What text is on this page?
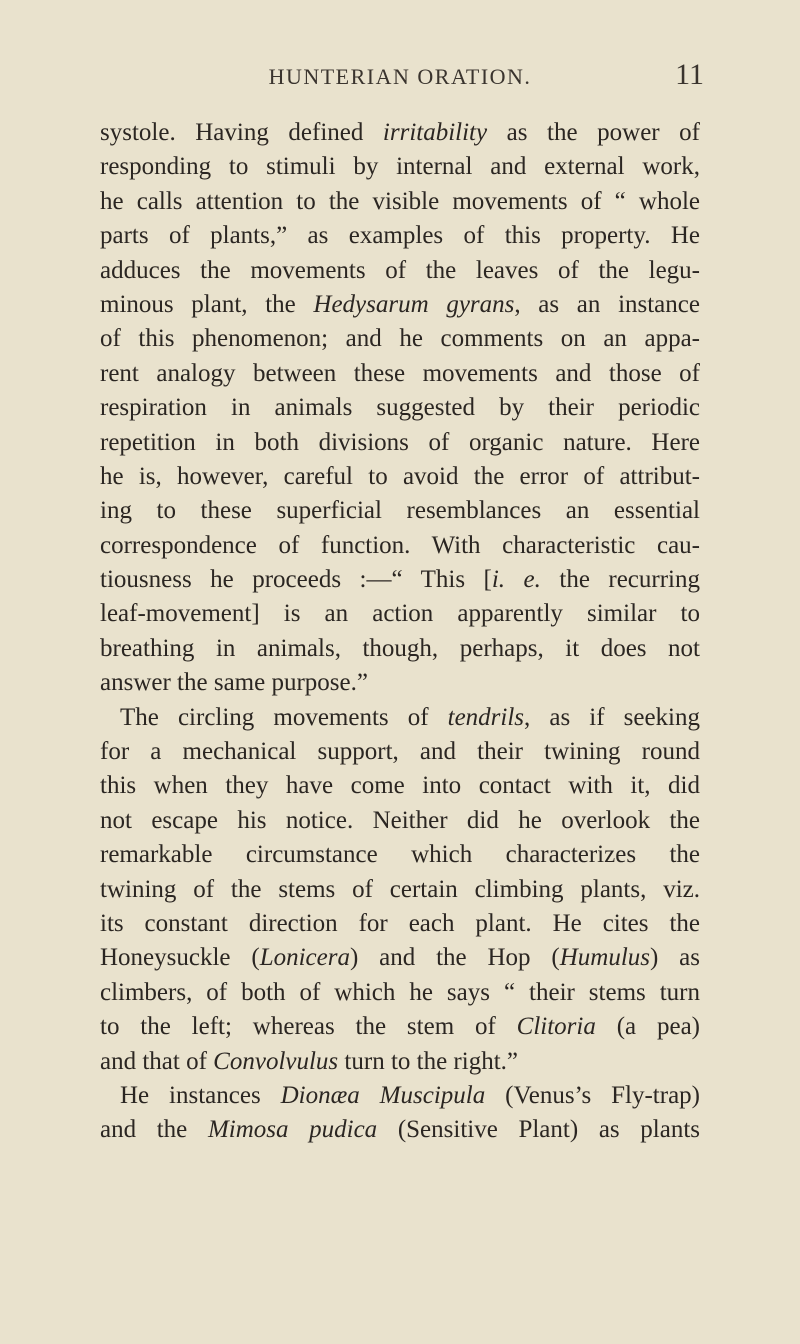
HUNTERIAN ORATION.	11
systole. Having defined irritability as the power of
responding to stimuli by internal and external work,
he calls attention to the visible movements of “ whole
parts of plants,” as examples of this property. He
adduces the movements of the leaves of the legu-
minous plant, the Hedysarum gyrans, as an instance
of this phenomenon; and he comments on an appa-
rent analogy between these movements and those of
respiration in animals suggested by their periodic
repetition in both divisions of organic nature. Here
he is, however, careful to avoid the error of attribut-
ing to these superficial resemblances an essential
correspondence of function. With characteristic cau-
tiousness he proceeds :—“ This [i. e. the recurring
leaf-movement] is an action apparently similar to
breathing in animals, though, perhaps, it does not
answer the same purpose.”
The circling movements of tendrils, as if seeking
for a mechanical support, and their twining round
this when they have come into contact with it, did
not escape his notice. Neither did he overlook the
remarkable circumstance which characterizes the
twining of the stems of certain climbing plants, viz.
its constant direction for each plant. He cites the
Honeysuckle (Lonicera) and the Hop (Humulus) as
climbers, of both of which he says “ their stems turn
to the left; whereas the stem of Clitoria (a pea)
and that of Convolvulus turn to the right.”
He instances Dionæa Muscipula (Venus’s Fly-trap)
and the Mimosa pudica (Sensitive Plant) as plants
